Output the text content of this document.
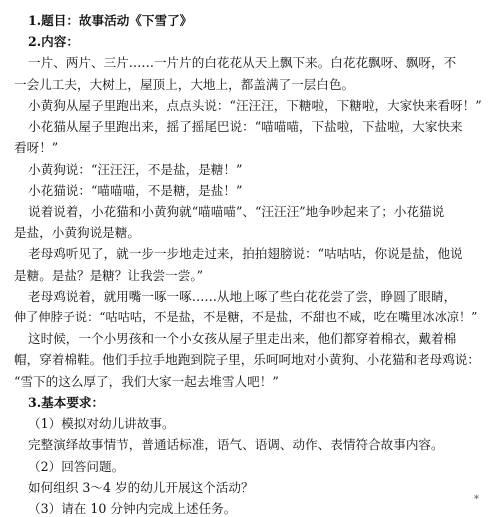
1.题目：故事活动《下雪了》
2.内容：
一片、两片、三片……一片片的白花花从天上飘下来。白花花飘呀、飘呀，不
一会儿工夫，大树上，屋顶上，大地上，都盖满了一层白色。
小黄狗从屋子里跑出来，点点头说：“汪汪汪，下糖啦，下糖啦，大家快来看呀！”
小花猫从屋子里跑出来，摇了摇尾巴说：“喵喵喵，下盐啦，下盐啦，大家快来
看呀！”
小黄狗说：“汪汪汪，不是盐，是糖！”
小花猫说：“喵喵喵，不是糖，是盐！”
说着说着，小花猫和小黄狗就“喵喵喵”、“汪汪汪”地争吵起来了；小花猫说
是盐，小黄狗说是糖。
老母鸡听见了，就一步一步地走过来，拍拍翅膀说：“咕咕咕，你说是盐，他说
是糖。是盐？是糖？让我尝一尝。”
老母鸡说着，就用嘴一啄一啄……从地上啄了些白花花尝了尝，睁圆了眼睛，
伸了伸脖子说：“咕咕咕，不是盐，不是糖，不是盐，不甜也不咸，吃在嘴里冰冰凉！”
这时候，一个小男孩和一个小女孩从屋子里走出来，他们都穿着棉衣，戴着棉
帽，穿着棉鞋。他们手拉手地跑到院子里，乐呵呵地对小黄狗、小花猫和老母鸡说：
“雪下的这么厚了，我们大家一起去堆雪人吧！”
3.基本要求：
（1）模拟对幼儿讲故事。
完整演绎故事情节，普通话标准，语气、语调、动作、表情符合故事内容。
（2）回答问题。
如何组织 3～4 岁的幼儿开展这个活动？
（3）请在 10 分钟内完成上述任务。
*
